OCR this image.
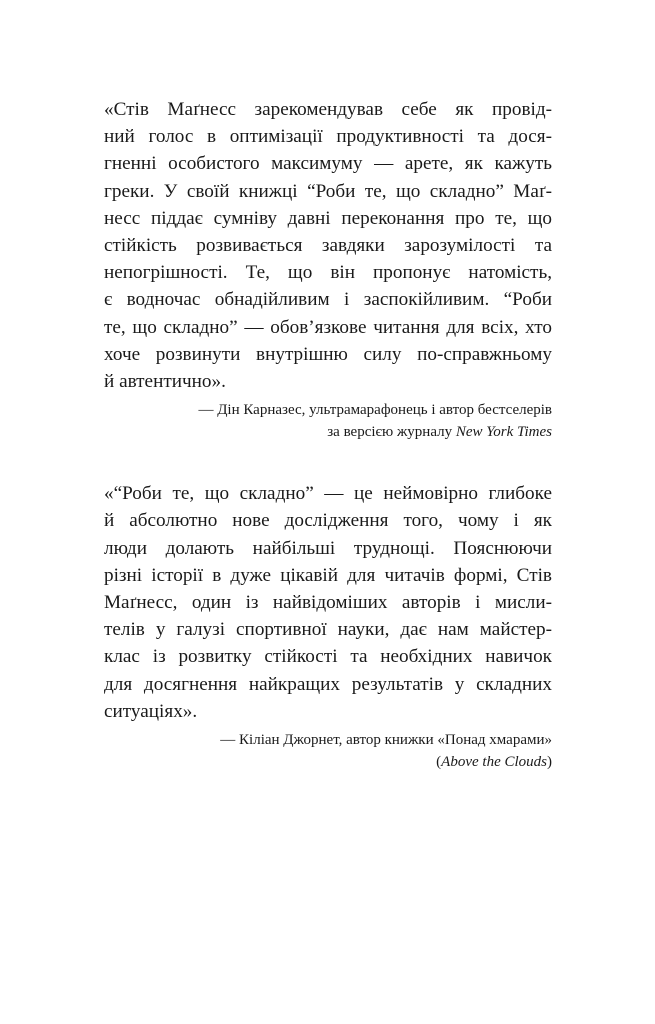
«Стів Маґнесс зарекомендував себе як провід-
ний голос в оптимізації продуктивності та дося-
гненні особистого максимуму — арете, як кажуть
греки. У своїй книжці “Роби те, що складно” Маґ-
несс піддає сумніву давні переконання про те, що
стійкість розвивається завдяки зарозумілості та
непогрішності. Те, що він пропонує натомість,
є водночас обнадійливим і заспокійливим. “Роби
те, що складно” — обов’язкове читання для всіх, хто
хоче розвинути внутрішню силу по-справжньому
й автентично».

— Дін Карназес, ультрамарафонець і автор бестселерів
за версією журналу New York Times

«“Роби те, що складно” — це неймовірно глибоке
й абсолютно нове дослідження того, чому і як
люди долають найбільші труднощі. Пояснюючи
різні історії в дуже цікавій для читачів формі, Стів
Маґнесс, один із найвідоміших авторів і мисли-
телів у галузі спортивної науки, дає нам майстер-
клас із розвитку стійкості та необхідних навичок
для досягнення найкращих результатів у складних
ситуаціях».

— Кіліан Джорнет, автор книжки «Понад хмарами»
(Above the Clouds)
